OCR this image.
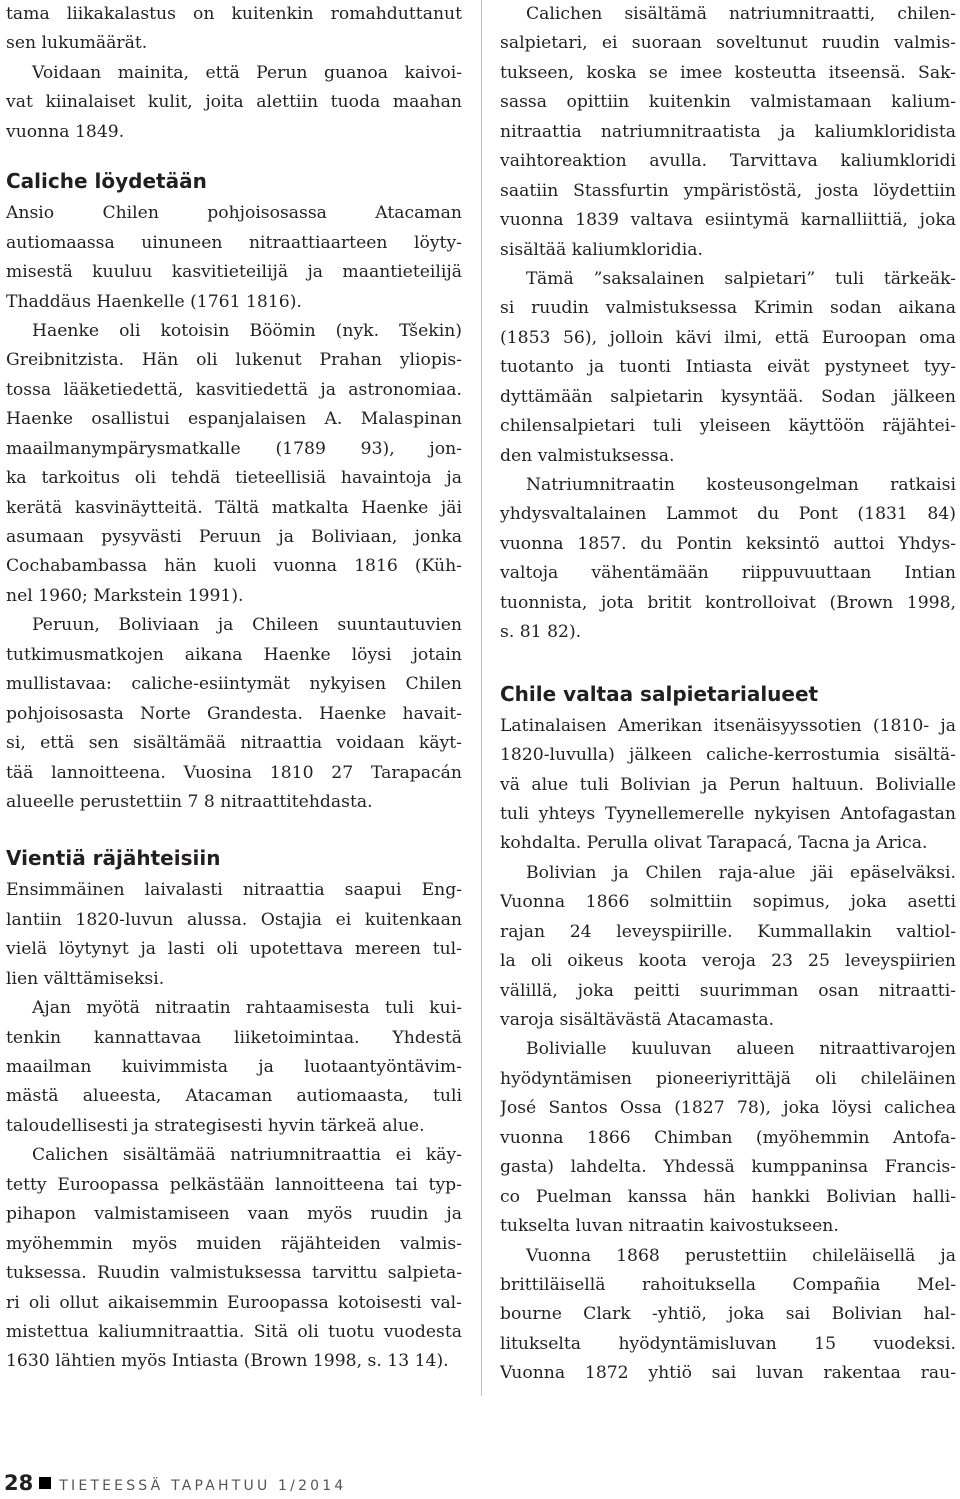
tama liikakalastus on kuitenkin romahduttanut
sen lukumäärät.
Voidaan mainita, että Perun guanoa kaivoi-
vat kiinalaiset kulit, joita alettiin tuoda maahan
vuonna 1849.
Caliche löydetään
Ansio Chilen pohjoisosassa Atacaman
autiomaassa uinuneen nitraattiaarteen löyty-
misestä kuuluu kasvitieteilijä ja maantieteilijä
Thaddäus Haenkelle (1761 1816).
Haenke oli kotoisin Böömin (nyk. Tšekin)
Greibnitzista. Hän oli lukenut Prahan yliopis-
tossa lääketiedettä, kasvitiedettä ja astronomiaa.
Haenke osallistui espanjalaisen A. Malaspinan
maailmanympärysmatkalle (1789 93), jon-
ka tarkoitus oli tehdä tieteellisiä havaintoja ja
kerätä kasvinäytteitä. Tältä matkalta Haenke jäi
asumaan pysyvästi Peruun ja Boliviaan, jonka
Cochabambassa hän kuoli vuonna 1816 (Küh-
nel 1960; Markstein 1991).
Peruun, Boliviaan ja Chileen suuntautuvien
tutkimusmatkojen aikana Haenke löysi jotain
mullistavaa: caliche-esiintymät nykyisen Chilen
pohjoisosasta Norte Grandesta. Haenke havait-
si, että sen sisältämää nitraattia voidaan käyt-
tää lannoitteena. Vuosina 1810 27 Tarapacán
alueelle perustettiin 7 8 nitraattitehdasta.
Vientiä räjähteisiin
Ensimmäinen laivalasti nitraattia saapui Eng-
lantiin 1820-luvun alussa. Ostajia ei kuitenkaan
vielä löytynyt ja lasti oli upotettava mereen tul-
lien välttämiseksi.
Ajan myötä nitraatin rahtaamisesta tuli kui-
tenkin kannattavaa liiketoimintaa. Yhdestä
maailman kuivimmista ja luotaantyöntävim-
mästä alueesta, Atacaman autiomaasta, tuli
taloudellisesti ja strategisesti hyvin tärkeä alue.
Calichen sisältämää natriumnitraattia ei käy-
tetty Euroopassa pelkästään lannoitteena tai typ-
pihapon valmistamiseen vaan myös ruudin ja
myöhemmin myös muiden räjähteiden valmis-
tuksessa. Ruudin valmistuksessa tarvittu salpieta-
ri oli ollut aikaisemmin Euroopassa kotoisesti val-
mistettua kaliumnitraattia. Sitä oli tuotu vuodesta
1630 lähtien myös Intiasta (Brown 1998, s. 13 14).
Calichen sisältämä natriumnitraatti, chilen-
salpietari, ei suoraan soveltunut ruudin valmis-
tukseen, koska se imee kosteutta itseensä. Sak-
sassa opittiin kuitenkin valmistamaan kalium-
nitraattia natriumnitraatista ja kaliumkloridista
vaihtoreaktion avulla. Tarvittava kaliumkloridi
saatiin Stassfurtin ympäristöstä, josta löydettiin
vuonna 1839 valtava esiintymä karnalliittiä, joka
sisältää kaliumkloridia.
Tämä ”saksalainen salpietari” tuli tärkeäk-
si ruudin valmistuksessa Krimin sodan aikana
(1853 56), jolloin kävi ilmi, että Euroopan oma
tuotanto ja tuonti Intiasta eivät pystyneet tyy-
dyttämään salpietarin kysyntää. Sodan jälkeen
chilensalpietari tuli yleiseen käyttöön räjähtei-
den valmistuksessa.
Natriumnitraatin kosteusongelman ratkaisi
yhdysvaltalainen Lammot du Pont (1831 84)
vuonna 1857. du Pontin keksintö auttoi Yhdys-
valtoja vähentämään riippuvuuttaan Intian
tuonnista, jota britit kontrolloivat (Brown 1998,
s. 81 82).
Chile valtaa salpietarialueet
Latinalaisen Amerikan itsenäisyyssotien (1810- ja
1820-luvulla) jälkeen caliche-kerrostumia sisältä-
vä alue tuli Bolivian ja Perun haltuun. Bolivialle
tuli yhteys Tyynellemerelle nykyisen Antofagastan
kohdalta. Perulla olivat Tarapacá, Tacna ja Arica.
Bolivian ja Chilen raja-alue jäi epäselväksi.
Vuonna 1866 solmittiin sopimus, joka asetti
rajan 24 leveyspiirille. Kummallakin valtiol-
la oli oikeus koota veroja 23 25 leveyspiirien
välillä, joka peitti suurimman osan nitraatti-
varoja sisältävästä Atacamasta.
Bolivialle kuuluvan alueen nitraattivarojen
hyödyntämisen pioneeriyrittäjä oli chileläinen
José Santos Ossa (1827 78), joka löysi calichea
vuonna 1866 Chimban (myöhemmin Antofa-
gasta) lahdelta. Yhdessä kumppaninsa Francis-
co Puelman kanssa hän hankki Bolivian halli-
tukselta luvan nitraatin kaivostukseen.
Vuonna 1868 perustettiin chileläisellä ja
brittiläisellä rahoituksella Compañia Mel-
bourne Clark -yhtiö, joka sai Bolivian hal-
litukselta hyödyntämisluvan 15 vuodeksi.
Vuonna 1872 yhtiö sai luvan rakentaa rau-
28 TIETEESSÄ TAPAHTUU 1/2014
